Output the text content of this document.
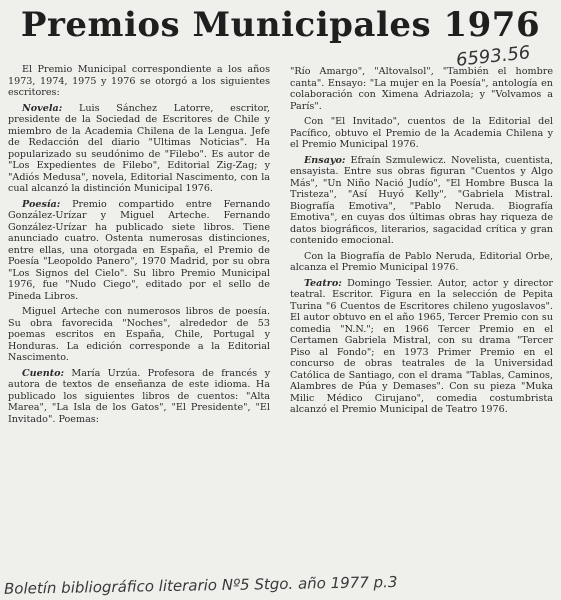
Premios Municipales 1976
6593.56

El Premio Municipal correspondiente a los años 1973, 1974, 1975 y 1976 se otorgó a los siguientes escritores:

Novela: Luis Sánchez Latorre, escritor, presidente de la Sociedad de Escritores de Chile y miembro de la Academia Chilena de la Lengua. Jefe de Redacción del diario "Ultimas Noticias". Ha popularizado su seudónimo de "Filebo". Es autor de "Los Expedientes de Filebo", Editorial Zig-Zag; y "Adiós Medusa", novela, Editorial Nascimento, con la cual alcanzó la distinción Municipal 1976.

Poesía: Premio compartido entre Fernando González-Urízar y Miguel Arteche. Fernando González-Urízar ha publicado siete libros. Tiene anunciado cuatro. Ostenta numerosas distinciones, entre ellas, una otorgada en España, el Premio de Poesía "Leopoldo Panero", 1970 Madrid, por su obra "Los Signos del Cielo". Su libro Premio Municipal 1976, fue "Nudo Ciego", editado por el sello de Pineda Libros.

Miguel Arteche con numerosos libros de poesía. Su obra favorecida "Noches", alrededor de 53 poemas escritos en España, Chile, Portugal y Honduras. La edición corresponde a la Editorial Nascimento.

Cuento: María Urzúa. Profesora de francés y autora de textos de enseñanza de este idioma. Ha publicado los siguientes libros de cuentos: "Alta Marea", "La Isla de los Gatos", "El Presidente", "El Invitado". Poemas:

"Río Amargo", "Altovalsol", "También el hombre canta". Ensayo: "La mujer en la Poesía", antología en colaboración con Ximena Adriazola; y "Volvamos a París".

Con "El Invitado", cuentos de la Editorial del Pacífico, obtuvo el Premio de la Academia Chilena y el Premio Municipal 1976.

Ensayo: Efraín Szmulewicz. Novelista, cuentista, ensayista. Entre sus obras figuran "Cuentos y Algo Más", "Un Niño Nació Judío", "El Hombre Busca la Tristeza", "Así Huyó Kelly", "Gabriela Mistral. Biografía Emotiva", "Pablo Neruda. Biografía Emotiva", en cuyas dos últimas obras hay riqueza de datos biográficos, literarios, sagacidad crítica y gran contenido emocional.

Con la Biografía de Pablo Neruda, Editorial Orbe, alcanza el Premio Municipal 1976.

Teatro: Domingo Tessier. Autor, actor y director teatral. Escritor. Figura en la selección de Pepita Turina "6 Cuentos de Escritores chileno yugoslavos". El autor obtuvo en el año 1965, Tercer Premio con su comedia "N.N."; en 1966 Tercer Premio en el Certamen Gabriela Mistral, con su drama "Tercer Piso al Fondo"; en 1973 Primer Premio en el concurso de obras teatrales de la Universidad Católica de Santiago, con el drama "Tablas, Caminos, Alambres de Púa y Demases". Con su pieza "Muka Milic Médico Cirujano", comedia costumbrista alcanzó el Premio Municipal de Teatro 1976.

Boletín bibliográfico literario Nº5 Stgo. año 1977 p.3
